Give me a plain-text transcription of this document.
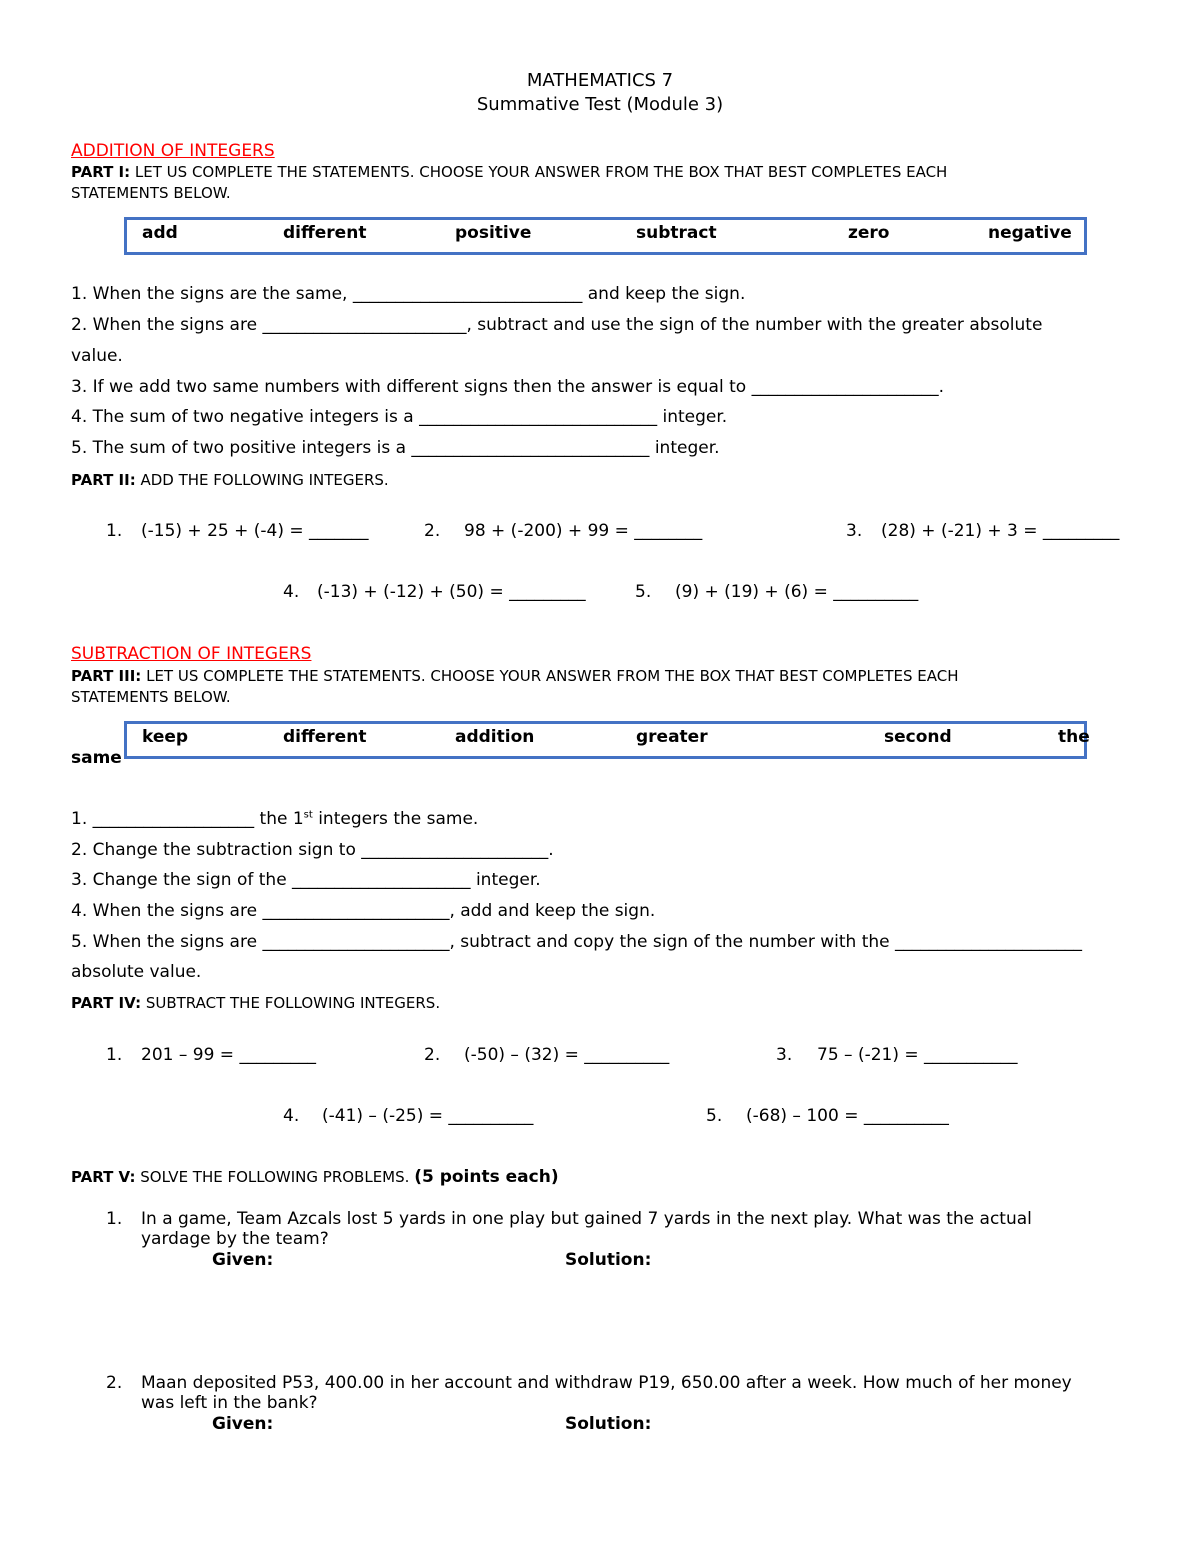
MATHEMATICS 7
Summative Test (Module 3)
ADDITION OF INTEGERS
PART I: LET US COMPLETE THE STATEMENTS. CHOOSE YOUR ANSWER FROM THE BOX THAT BEST COMPLETES EACH
STATEMENTS BELOW.
add	different	positive	subtract	zero	negative
1. When the signs are the same, ___________________________ and keep the sign.
2. When the signs are ________________________, subtract and use the sign of the number with the greater absolute
value.
3. If we add two same numbers with different signs then the answer is equal to ______________________.
4. The sum of two negative integers is a ____________________________ integer.
5. The sum of two positive integers is a ____________________________ integer.
PART II: ADD THE FOLLOWING INTEGERS.
1. (-15) + 25 + (-4) = _______	2. 98 + (-200) + 99 = ________	3. (28) + (-21) + 3 = _________
4. (-13) + (-12) + (50) = _________	5. (9) + (19) + (6) = __________
SUBTRACTION OF INTEGERS
PART III: LET US COMPLETE THE STATEMENTS. CHOOSE YOUR ANSWER FROM THE BOX THAT BEST COMPLETES EACH
STATEMENTS BELOW.
keep	different	addition	greater	second	the
same
1. ___________________ the 1st integers the same.
2. Change the subtraction sign to ______________________.
3. Change the sign of the _____________________ integer.
4. When the signs are ______________________, add and keep the sign.
5. When the signs are ______________________, subtract and copy the sign of the number with the ______________________
absolute value.
PART IV: SUBTRACT THE FOLLOWING INTEGERS.
1. 201 – 99 = _________	2. (-50) – (32) = __________	3. 75 – (-21) = ___________
4. (-41) – (-25) = __________	5. (-68) – 100 = __________
PART V: SOLVE THE FOLLOWING PROBLEMS. (5 points each)
1. In a game, Team Azcals lost 5 yards in one play but gained 7 yards in the next play. What was the actual
yardage by the team?
Given:	Solution:
2. Maan deposited P53, 400.00 in her account and withdraw P19, 650.00 after a week. How much of her money
was left in the bank?
Given:	Solution:
